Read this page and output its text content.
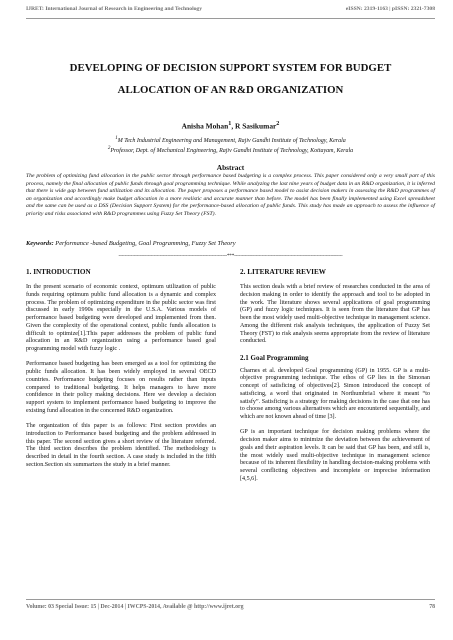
IJRET: International Journal of Research in Engineering and Technology	eISSN: 2319-1163 | pISSN: 2321-7308
DEVELOPING OF DECISION SUPPORT SYSTEM FOR BUDGET
ALLOCATION OF AN R&D ORGANIZATION
Anisha Mohan$^1$, R Sasikumar$^2$
$^1$M Tech Industrial Engineering and Management, Rajiv Gandhi Institute of Technology, Kerala
$^2$Professor, Dept. of Mechanical Engineering, Rajiv Gandhi Institute of Technology, Kottayam, Kerala
Abstract
The problem of optimizing fund allocation in the public sector through performance based budgeting is a complex process. This paper considered only a very small part of this process, namely the final allocation of public funds through goal programming technique. While analyzing the last nine years of budget data in an R&D organization, it is inferred that there is wide gap between fund utilization and its allocation. The paper proposes a performance based model to assist decision makers in assessing the R&D programmes of an organization and accordingly make budget allocation in a more realistic and accurate manner than before. The model has been finally implemented using Excel spreadsheet and the same can be used as a DSS (Decision Support System) for the performance-based allocation of public funds. This study has made an approach to assess the influence of priority and risks associated with R&D programmes using Fuzzy Set Theory (FST).
Keywords: Performance -based Budgeting, Goal Programming, Fuzzy Set Theory
-----------------------------------------------------------------------***-----------------------------------------------------------------------
1. INTRODUCTION

In the present scenario of economic context, optimum utilization of public funds requiring optimum public fund allocation is a dynamic and complex process. The problem of optimizing expenditure in the public sector was first discussed in early 1990s especially in the U.S.A. Various models of performance based budgeting were developed and implemented from then. Given the complexity of the operational context, public funds allocation is difficult to optimize[1].This paper addresses the problem of public fund allocation in an R&D organization using a performance based goal programming model with fuzzy logic .

Performance based budgeting has been emerged as a tool for optimizing the public funds allocation. It has been widely employed in several OECD countries. Performance budgeting focuses on results rather than inputs compared to traditional budgeting. It helps managers to have more confidence in their policy making decisions. Here we develop a decision support system to implement performance based budgeting to improve the existing fund allocation in the concerned R&D organization.

The organization of this paper is as follows: First section provides an introduction to Performance based budgeting and the problem addressed in this paper. The second section gives a short review of the literature referred. The third section describes the problem identified. The methodology is described in detail in the fourth section. A case study is included in the fifth section.Section six summarizes the study in a brief manner.

2. LITERATURE REVIEW

This section deals with a brief review of researches conducted in the area of decision making in order to identify the approach and tool to be adopted in the work. The literature shows several applications of goal programming (GP) and fuzzy logic techniques. It is seen from the literature that GP has been the most widely used multi-objective technique in management science. Among the different risk analysis techniques, the application of Fuzzy Set Theory (FST) to risk analysis seems appropriate from the review of literature conducted.

2.1 Goal Programming

Charnes et al. developed Goal programming (GP) in 1955. GP is a multi-objective programming technique. The ethos of GP lies in the Simonan concept of satisficing of objectives[2]. Simon introduced the concept of satisficing, a word that originated in Northumbria1 where it meant “to satisfy”. Satisficing is a strategy for making decisions in the case that one has to choose among various alternatives which are encountered sequentially, and which are not known ahead of time [3].

GP is an important technique for decision making problems where the decision maker aims to minimize the deviation between the achievement of goals and their aspiration levels. It can be said that GP has been, and still is, the most widely used multi-objective technique in management science because of its inherent flexibility in handling decision-making problems with several conflicting objectives and incomplete or imprecise information [4,5,6].

Volume: 03 Special Issue: 15 | Dec-2014 | IWCPS-2014, Available @ http://www.ijret.org	78
